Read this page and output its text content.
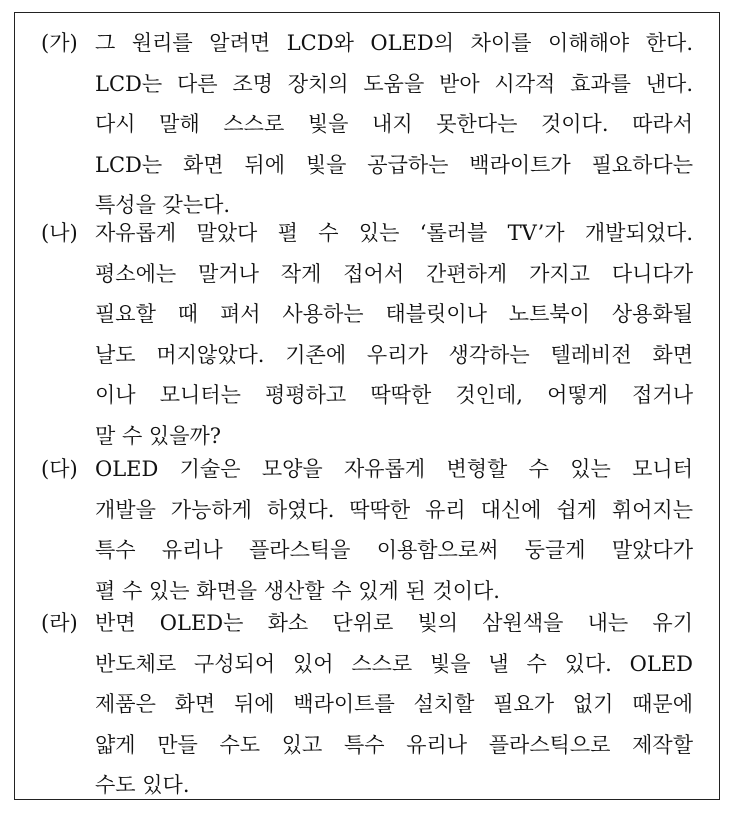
(가) 그 원리를 알려면 LCD와 OLED의 차이를 이해해야 한다.
LCD는 다른 조명 장치의 도움을 받아 시각적 효과를 낸다.
다시 말해 스스로 빛을 내지 못한다는 것이다. 따라서
LCD는 화면 뒤에 빛을 공급하는 백라이트가 필요하다는
특성을 갖는다.
(나) 자유롭게 말았다 펼 수 있는 ‘롤러블 TV’가 개발되었다.
평소에는 말거나 작게 접어서 간편하게 가지고 다니다가
필요할 때 펴서 사용하는 태블릿이나 노트북이 상용화될
날도 머지않았다. 기존에 우리가 생각하는 텔레비전 화면
이나 모니터는 평평하고 딱딱한 것인데, 어떻게 접거나
말 수 있을까?
(다) OLED 기술은 모양을 자유롭게 변형할 수 있는 모니터
개발을 가능하게 하였다. 딱딱한 유리 대신에 쉽게 휘어지는
특수 유리나 플라스틱을 이용함으로써 둥글게 말았다가
펼 수 있는 화면을 생산할 수 있게 된 것이다.
(라) 반면 OLED는 화소 단위로 빛의 삼원색을 내는 유기
반도체로 구성되어 있어 스스로 빛을 낼 수 있다. OLED
제품은 화면 뒤에 백라이트를 설치할 필요가 없기 때문에
얇게 만들 수도 있고 특수 유리나 플라스틱으로 제작할
수도 있다.
